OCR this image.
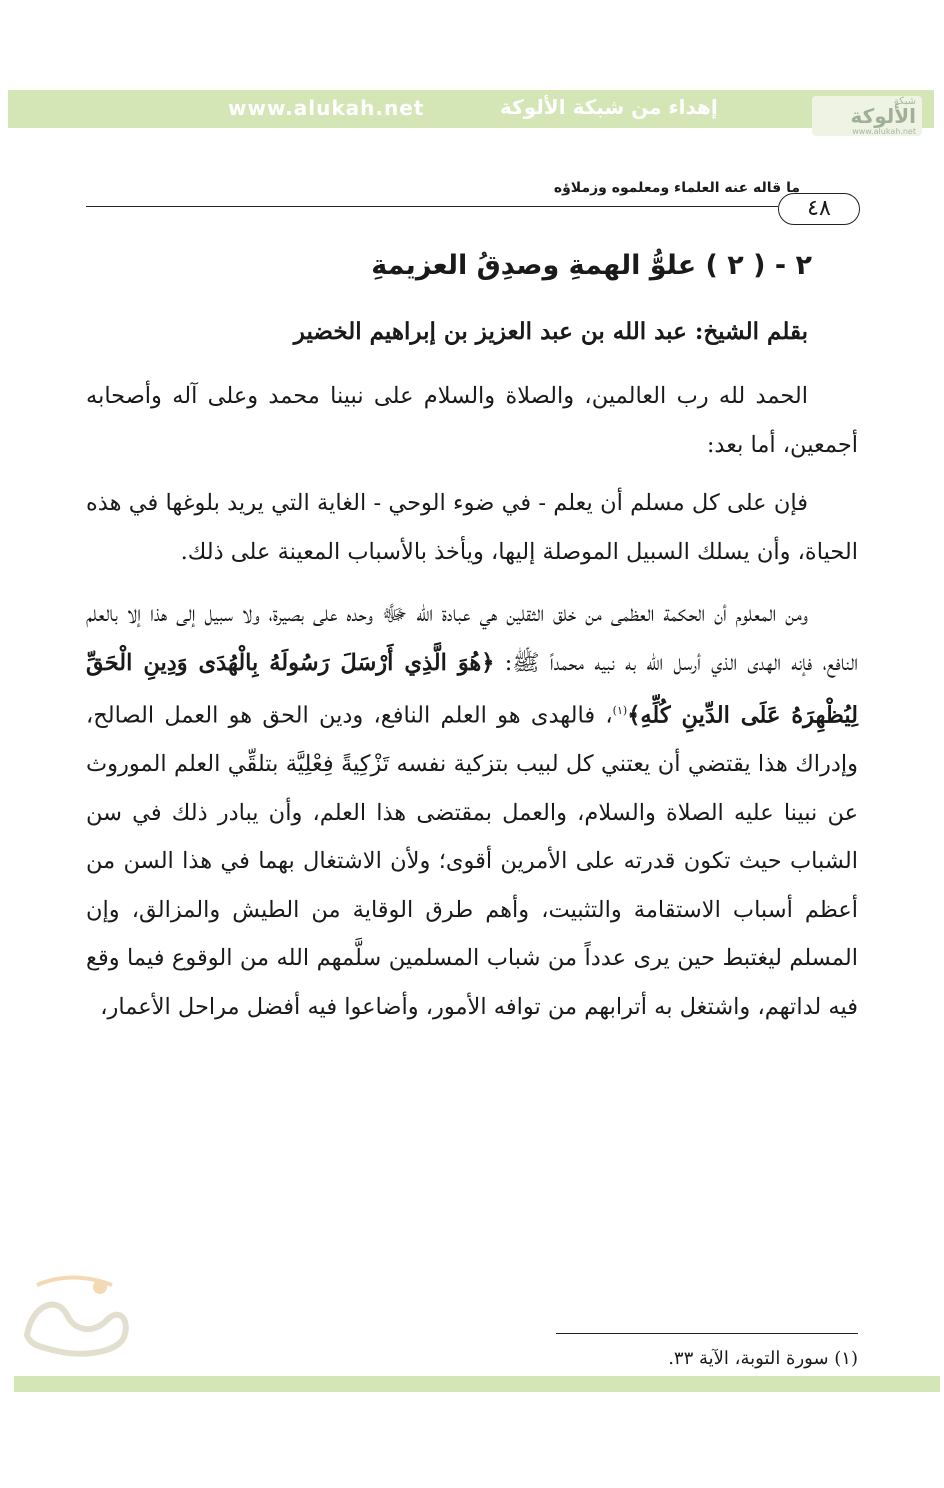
www.alukah.net	إهداء من شبكة الألوكة	شبكة
الألوكة
www.alukah.net
ما قاله عنه العلماء ومعلموه وزملاؤه
٤٨
٢ - ( ٢ ) علوُّ الهمةِ وصدِقُ العزيمةِ
بقلم الشيخ: عبد الله بن عبد العزيز بن إبراهيم الخضير

الحمد لله رب العالمين، والصلاة والسلام على نبينا محمد وعلى آله وأصحابه أجمعين، أما بعد:

فإن على كل مسلم أن يعلم - في ضوء الوحي - الغاية التي يريد بلوغها في هذه الحياة، وأن يسلك السبيل الموصلة إليها، ويأخذ بالأسباب المعينة على ذلك.

ومن المعلوم أن الحكمة العظمى من خلق الثقلين هي عبادة الله ﷻ وحده على بصيرة، ولا سبيل إلى هذا إلا بالعلم النافع، فإنه الهدى الذي أرسل الله به نبيه محمداً ﷺ: ﴿هُوَ الَّذِي أَرْسَلَ رَسُولَهُ بِالْهُدَى وَدِينِ الْحَقِّ لِيُظْهِرَهُ عَلَى الدِّينِ كُلِّهِ﴾$^{(١)}$، فالهدى هو العلم النافع، ودين الحق هو العمل الصالح، وإدراك هذا يقتضي أن يعتني كل لبيب بتزكية نفسه تَزْكِيةً فِعْلِيَّة بتلقِّي العلم الموروث عن نبينا عليه الصلاة والسلام، والعمل بمقتضى هذا العلم، وأن يبادر ذلك في سن الشباب حيث تكون قدرته على الأمرين أقوى؛ ولأن الاشتغال بهما في هذا السن من أعظم أسباب الاستقامة والتثبيت، وأهم طرق الوقاية من الطيش والمزالق، وإن المسلم ليغتبط حين يرى عدداً من شباب المسلمين سلَّمهم الله من الوقوع فيما وقع فيه لداتهم، واشتغل به أترابهم من توافه الأمور، وأضاعوا فيه أفضل مراحل الأعمار،

(١) سورة التوبة، الآية ٣٣.
